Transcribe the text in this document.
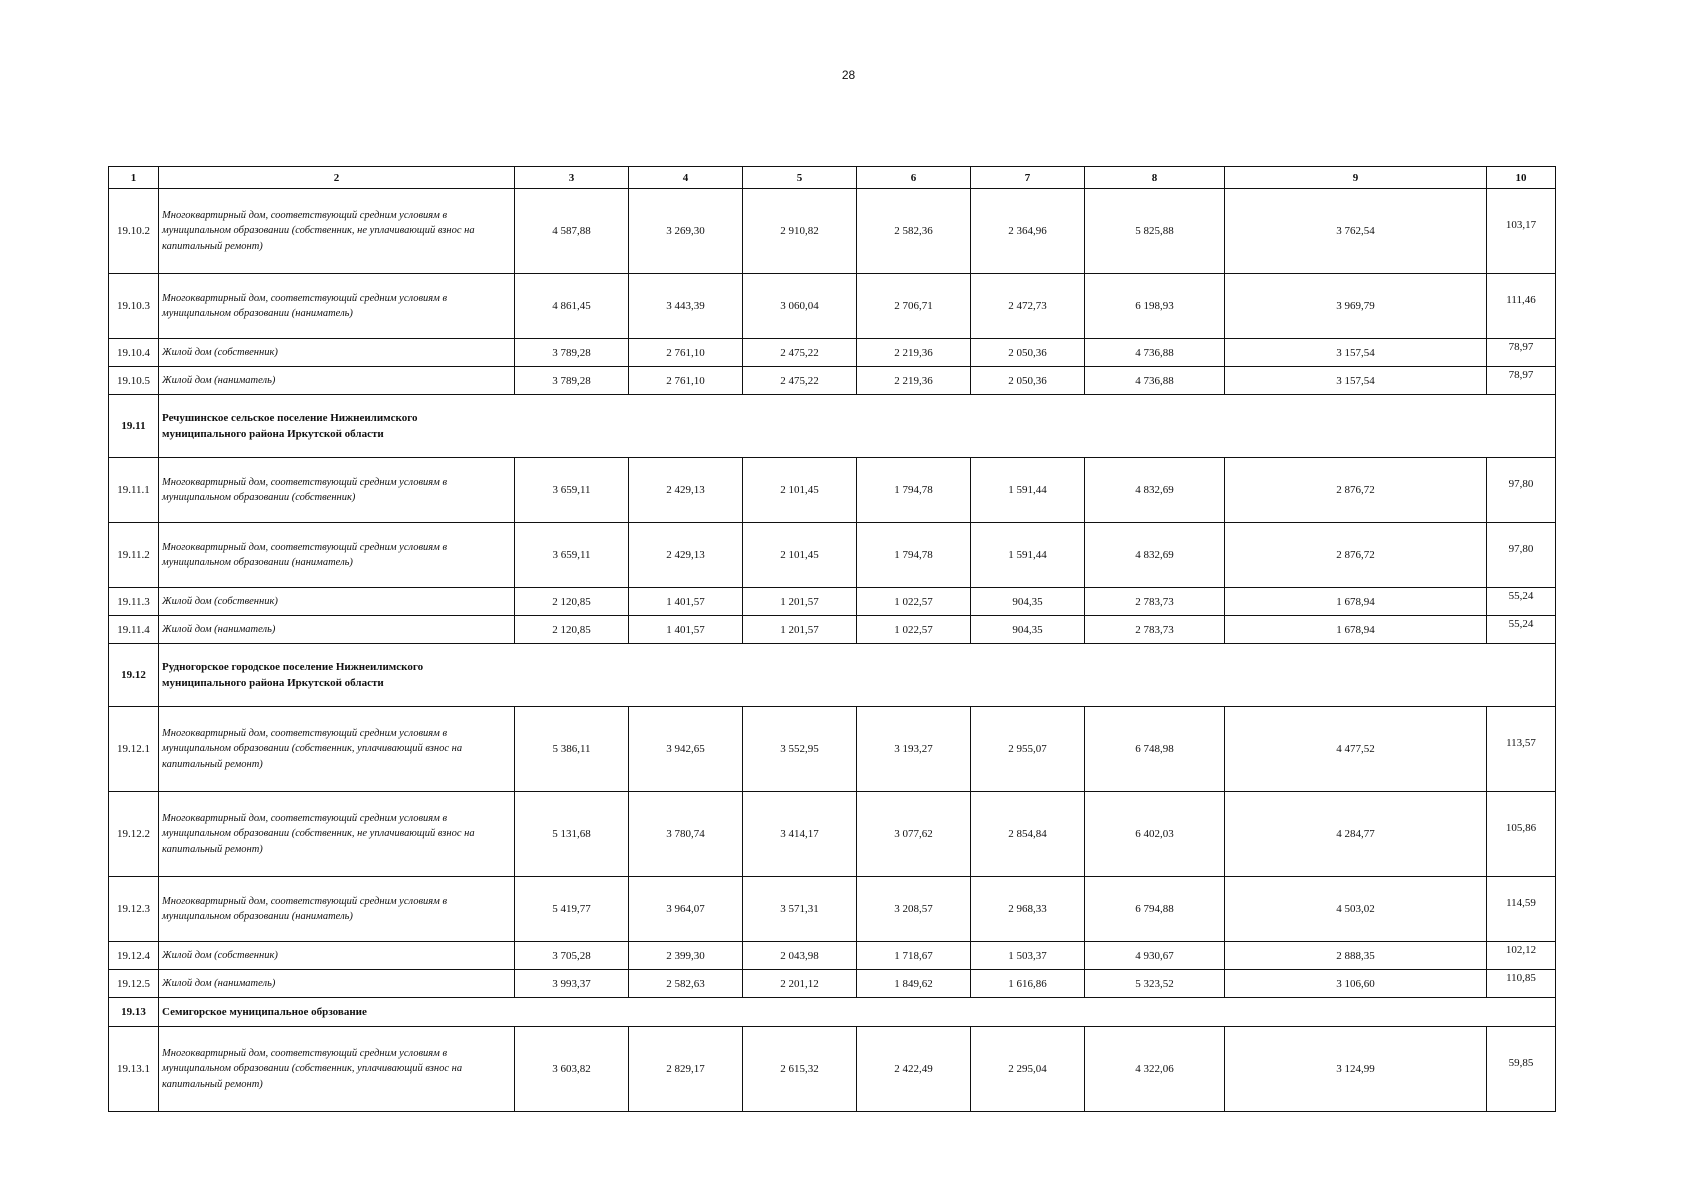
28
1	2	3	4	5	6	7	8	9	10
19.10.2	Многоквартирный дом, соответствующий средним условиям в муниципальном образовании (собственник, не уплачивающий взнос на капитальный ремонт)	4 587,88	3 269,30	2 910,82	2 582,36	2 364,96	5 825,88	3 762,54	103,17
19.10.3	Многоквартирный дом, соответствующий средним условиям в муниципальном образовании (наниматель)	4 861,45	3 443,39	3 060,04	2 706,71	2 472,73	6 198,93	3 969,79	111,46
19.10.4	Жилой дом (собственник)	3 789,28	2 761,10	2 475,22	2 219,36	2 050,36	4 736,88	3 157,54	78,97
19.10.5	Жилой дом (наниматель)	3 789,28	2 761,10	2 475,22	2 219,36	2 050,36	4 736,88	3 157,54	78,97
19.11	Речушинское сельское поселение Нижнеилимского муниципального района Иркутской области								

19.11.1	Многоквартирный дом, соответствующий средним условиям в муниципальном образовании (собственник)	3 659,11	2 429,13	2 101,45	1 794,78	1 591,44	4 832,69	2 876,72	97,80
19.11.2	Многоквартирный дом, соответствующий средним условиям в муниципальном образовании (наниматель)	3 659,11	2 429,13	2 101,45	1 794,78	1 591,44	4 832,69	2 876,72	97,80
19.11.3	Жилой дом (собственник)	2 120,85	1 401,57	1 201,57	1 022,57	904,35	2 783,73	1 678,94	55,24
19.11.4	Жилой дом (наниматель)	2 120,85	1 401,57	1 201,57	1 022,57	904,35	2 783,73	1 678,94	55,24
19.12	Рудногорское городское поселение Нижнеилимского муниципального района Иркутской области								

19.12.1	Многоквартирный дом, соответствующий средним условиям в муниципальном образовании (собственник, уплачивающий взнос на капитальный ремонт)	5 386,11	3 942,65	3 552,95	3 193,27	2 955,07	6 748,98	4 477,52	113,57
19.12.2	Многоквартирный дом, соответствующий средним условиям в муниципальном образовании (собственник, не уплачивающий взнос на капитальный ремонт)	5 131,68	3 780,74	3 414,17	3 077,62	2 854,84	6 402,03	4 284,77	105,86
19.12.3	Многоквартирный дом, соответствующий средним условиям в муниципальном образовании (наниматель)	5 419,77	3 964,07	3 571,31	3 208,57	2 968,33	6 794,88	4 503,02	114,59
19.12.4	Жилой дом (собственник)	3 705,28	2 399,30	2 043,98	1 718,67	1 503,37	4 930,67	2 888,35	102,12
19.12.5	Жилой дом (наниматель)	3 993,37	2 582,63	2 201,12	1 849,62	1 616,86	5 323,52	3 106,60	110,85
19.13	Семигорское муниципальное обрзование								

19.13.1	Многоквартирный дом, соответствующий средним условиям в муниципальном образовании (собственник, уплачивающий взнос на капитальный ремонт)	3 603,82	2 829,17	2 615,32	2 422,49	2 295,04	4 322,06	3 124,99	59,85
